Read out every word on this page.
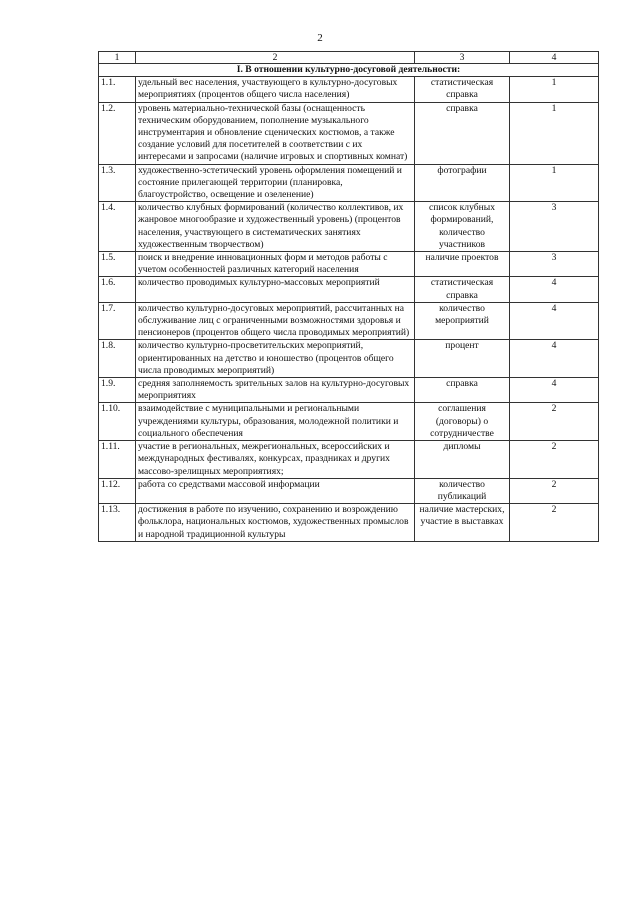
2
1	2	3	4
I. В отношении культурно-досуговой деятельности:			
1.1.	удельный вес населения, участвующего в культурно-досуговых мероприятиях (процентов общего числа населения)	статистическая справка	1
1.2.	уровень материально-технической базы (оснащенность техническим оборудованием, пополнение музыкального инструментария и обновление сценических костюмов, а также создание условий для посетителей в соответствии с их интересами и запросами (наличие игровых и спортивных комнат)	справка	1
1.3.	художественно-эстетический уровень оформления помещений и состояние прилегающей территории (планировка, благоустройство, освещение и озеленение)	фотографии	1
1.4.	количество клубных формирований (количество коллективов, их жанровое многообразие и художественный уровень) (процентов населения, участвующего в систематических занятиях художественным творчеством)	список клубных формирований, количество участников	3
1.5.	поиск и внедрение инновационных форм и методов работы с учетом особенностей различных категорий населения	наличие проектов	3
1.6.	количество проводимых культурно-массовых мероприятий	статистическая справка	4
1.7.	количество культурно-досуговых мероприятий, рассчитанных на обслуживание лиц с ограниченными возможностями здоровья и пенсионеров (процентов общего числа проводимых мероприятий)	количество мероприятий	4
1.8.	количество культурно-просветительских мероприятий, ориентированных на детство и юношество (процентов общего числа проводимых мероприятий)	процент	4
1.9.	средняя заполняемость зрительных залов на культурно-досуговых мероприятиях	справка	4
1.10.	взаимодействие с муниципальными и региональными учреждениями культуры, образования, молодежной политики и социального обеспечения	соглашения (договоры) о сотрудничестве	2
1.11.	участие в региональных, межрегиональных, всероссийских и международных фестивалях, конкурсах, праздниках и других массово-зрелищных мероприятиях;	дипломы	2
1.12.	работа со средствами массовой информации	количество публикаций	2
1.13.	достижения в работе по изучению, сохранению и возрождению фольклора, национальных костюмов, художественных промыслов и народной традиционной культуры	наличие мастерских, участие в выставках	2
